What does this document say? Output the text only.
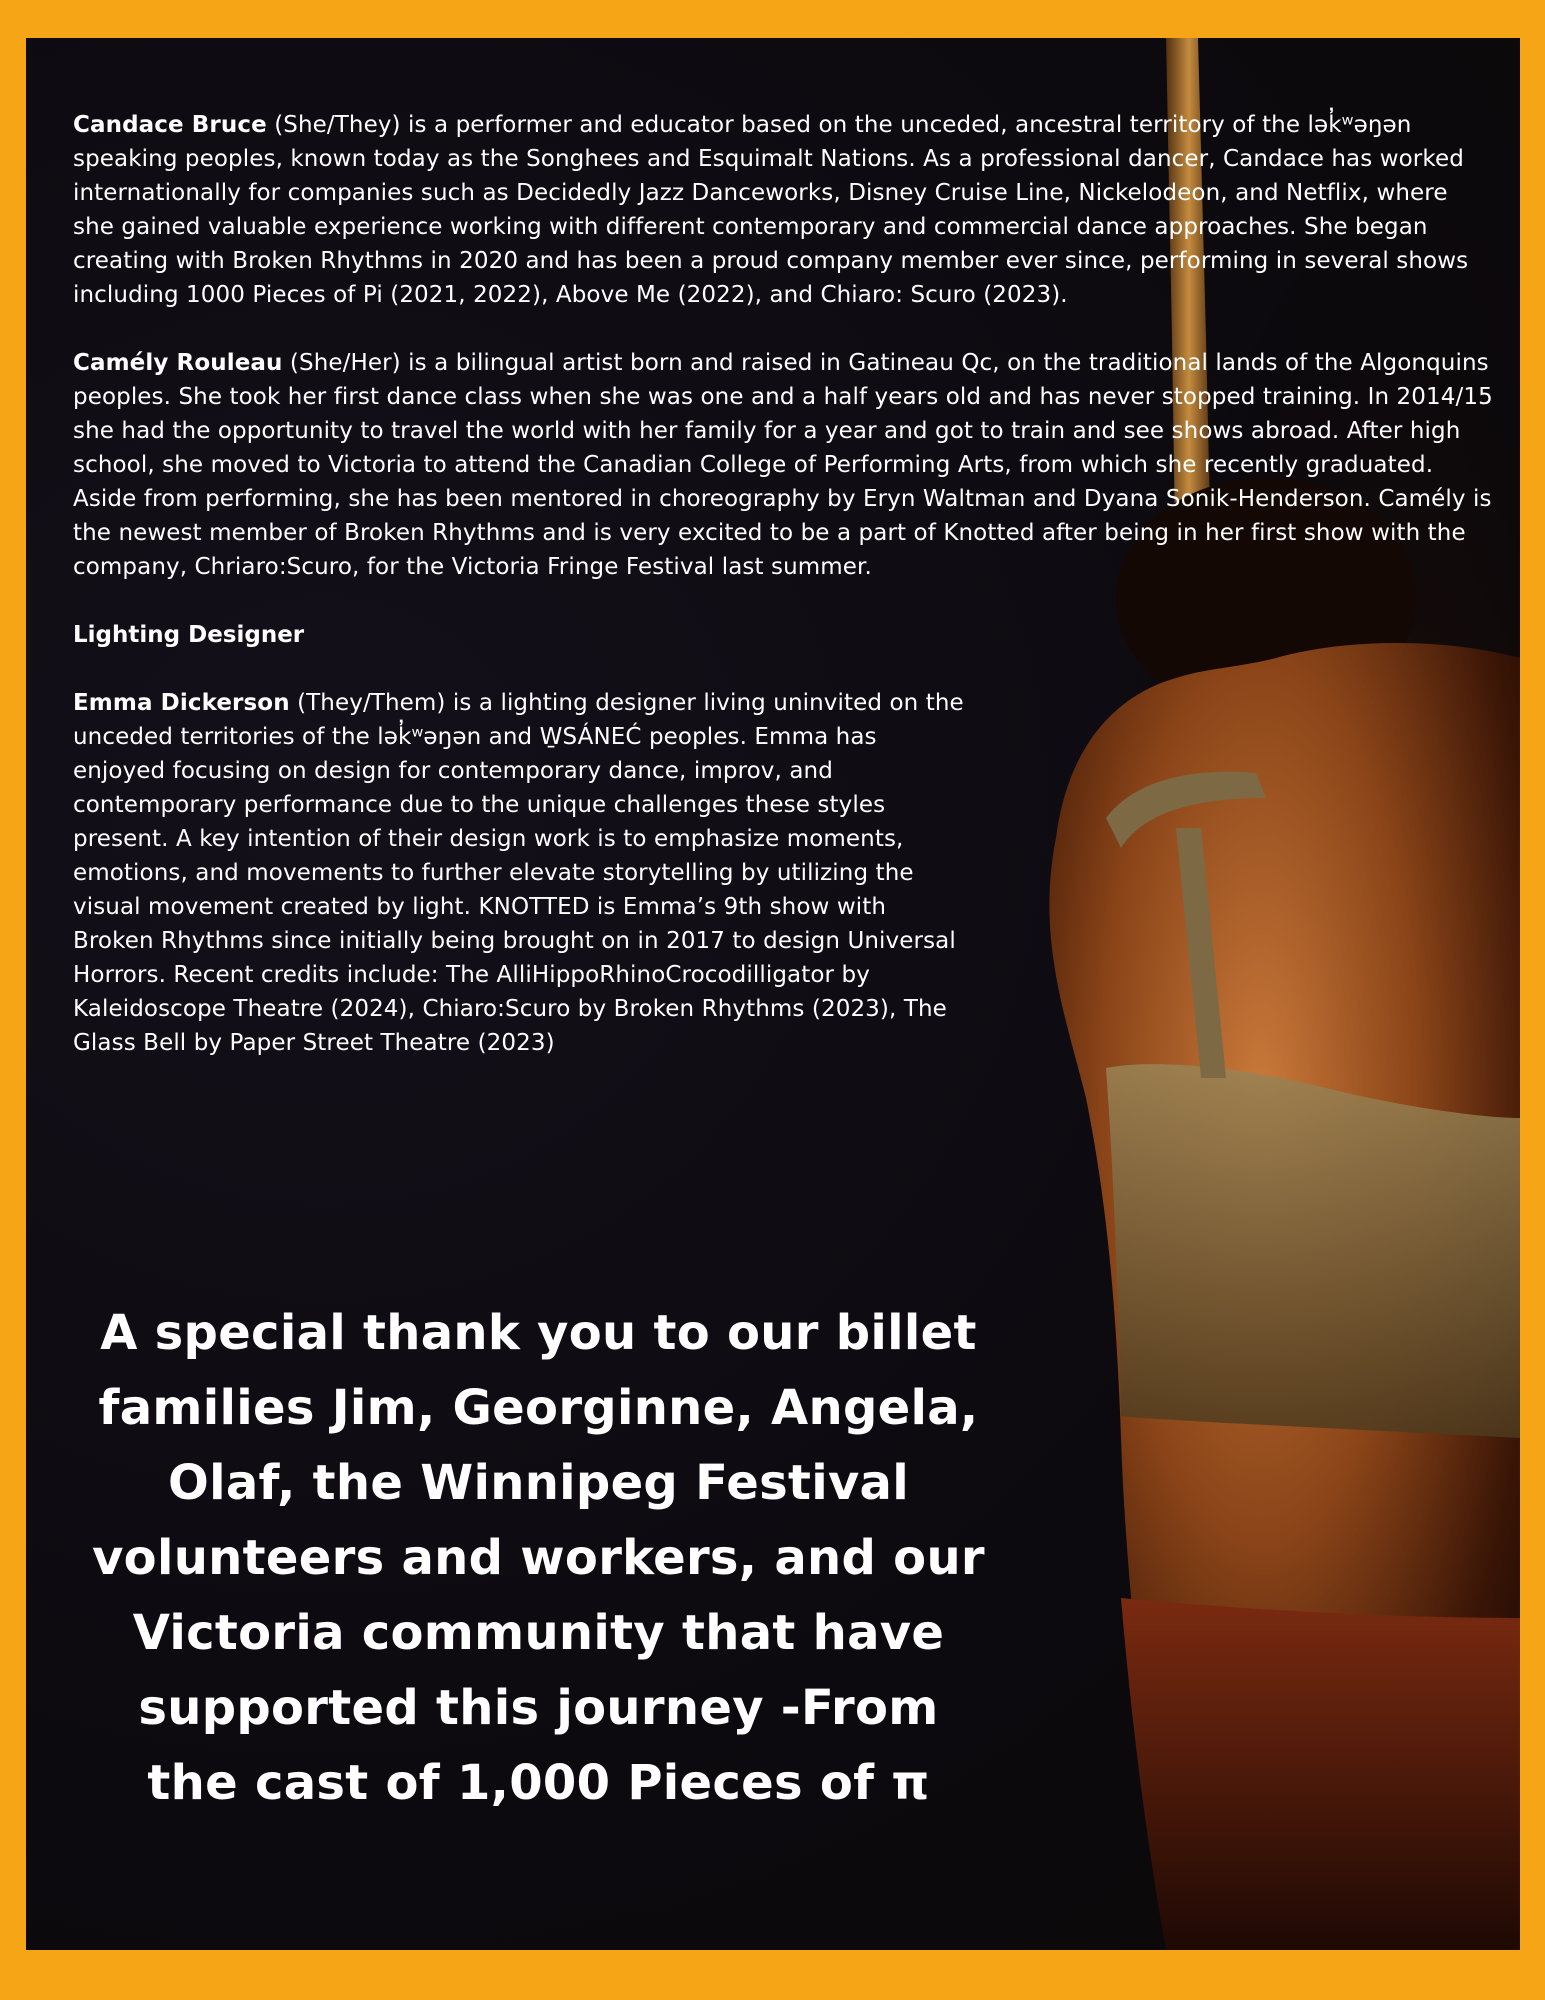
Candace Bruce (She/They) is a performer and educator based on the unceded, ancestral territory of the lək̓ʷəŋən speaking peoples, known today as the Songhees and Esquimalt Nations. As a professional dancer, Candace has worked internationally for companies such as Decidedly Jazz Danceworks, Disney Cruise Line, Nickelodeon, and Netflix, where she gained valuable experience working with different contemporary and commercial dance approaches. She began creating with Broken Rhythms in 2020 and has been a proud company member ever since, performing in several shows including 1000 Pieces of Pi (2021, 2022), Above Me (2022), and Chiaro: Scuro (2023).

Camély Rouleau (She/Her) is a bilingual artist born and raised in Gatineau Qc, on the traditional lands of the Algonquins peoples. She took her first dance class when she was one and a half years old and has never stopped training. In 2014/15 she had the opportunity to travel the world with her family for a year and got to train and see shows abroad. After high school, she moved to Victoria to attend the Canadian College of Performing Arts, from which she recently graduated. Aside from performing, she has been mentored in choreography by Eryn Waltman and Dyana Sonik-Henderson. Camély is the newest member of Broken Rhythms and is very excited to be a part of Knotted after being in her first show with the company, Chriaro:Scuro, for the Victoria Fringe Festival last summer.

Lighting Designer

Emma Dickerson (They/Them) is a lighting designer living uninvited on the unceded territories of the lək̓ʷəŋən and W̱SÁNEĆ peoples. Emma has enjoyed focusing on design for contemporary dance, improv, and contemporary performance due to the unique challenges these styles present. A key intention of their design work is to emphasize moments, emotions, and movements to further elevate storytelling by utilizing the visual movement created by light. KNOTTED is Emma’s 9th show with Broken Rhythms since initially being brought on in 2017 to design Universal Horrors. Recent credits include: The AlliHippoRhinoCrocodilligator by Kaleidoscope Theatre (2024), Chiaro:Scuro by Broken Rhythms (2023), The Glass Bell by Paper Street Theatre (2023)

A special thank you to our billet families Jim, Georginne, Angela, Olaf, the Winnipeg Festival volunteers and workers, and our Victoria community that have supported this journey -From the cast of 1,000 Pieces of π
